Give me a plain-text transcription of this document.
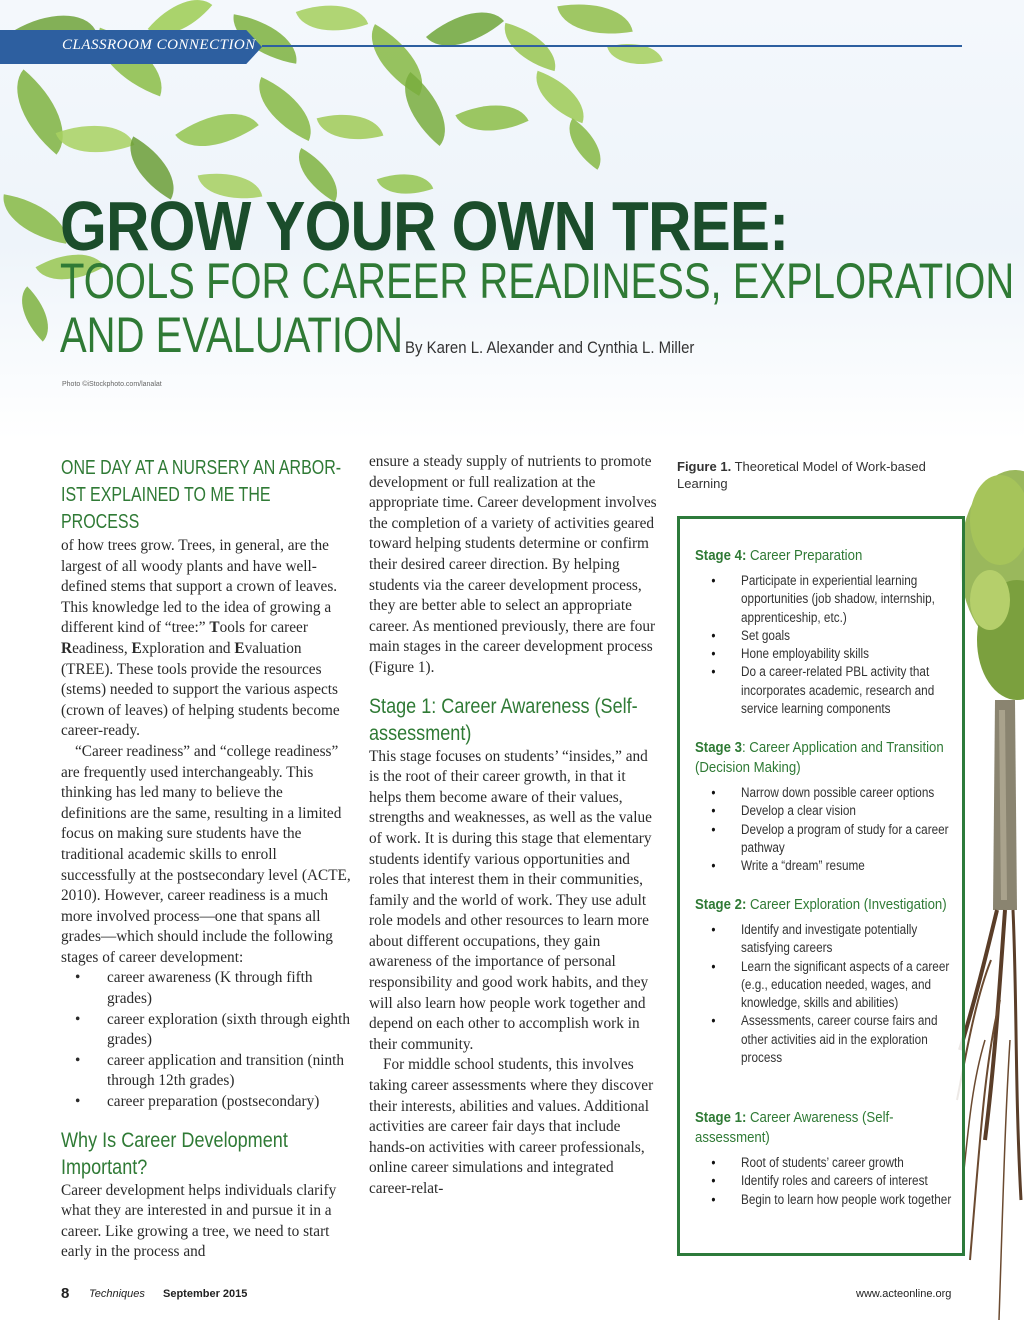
CLASSROOM CONNECTION
GROW YOUR OWN TREE:
TOOLS FOR CAREER READINESS, EXPLORATION
AND EVALUATION By Karen L. Alexander and Cynthia L. Miller
Photo ©iStockphoto.com/lanalat
ONE DAY AT A NURSERY AN ARBOR-IST EXPLAINED TO ME THE PROCESS

of how trees grow. Trees, in general, are the largest of all woody plants and have well-defined stems that support a crown of leaves. This knowledge led to the idea of growing a different kind of “tree:” Tools for career Readiness, Exploration and Evaluation (TREE). These tools provide the resources (stems) needed to support the various aspects (crown of leaves) of helping students become career-ready.

“Career readiness” and “college readiness” are frequently used interchangeably. This thinking has led many to believe the definitions are the same, resulting in a limited focus on making sure students have the traditional academic skills to enroll successfully at the postsecondary level (ACTE, 2010). However, career readiness is a much more involved process—one that spans all grades—which should include the following stages of career development:

• career awareness (K through fifth grades)
• career exploration (sixth through eighth grades)
• career application and transition (ninth through 12th grades)
• career preparation (postsecondary)
Why Is Career Development Important?

Career development helps individuals clarify what they are interested in and pursue it in a career. Like growing a tree, we need to start early in the process and

ensure a steady supply of nutrients to promote development or full realization at the appropriate time. Career development involves the completion of a variety of activities geared toward helping students determine or confirm their desired career direction. By helping students via the career development process, they are better able to select an appropriate career. As mentioned previously, there are four main stages in the career development process (Figure 1).

Stage 1: Career Awareness (Self-assessment)

This stage focuses on students’ “insides,” and is the root of their career growth, in that it helps them become aware of their values, strengths and weaknesses, as well as the value of work. It is during this stage that elementary students identify various opportunities and roles that interest them in their communities, family and the world of work. They use adult role models and other resources to learn more about different occupations, they gain awareness of the importance of personal responsibility and good work habits, and they will also learn how people work together and depend on each other to accomplish work in their community.

For middle school students, this involves taking career assessments where they discover their interests, abilities and values. Additional activities are career fair days that include hands-on activities with career professionals, online career simulations and integrated career-relat-

Figure 1. Theoretical Model of Work-based Learning
Stage 4: Career Preparation
• Participate in experiential learning opportunities (job shadow, internship, apprenticeship, etc.)
• Set goals
• Hone employability skills
• Do a career-related PBL activity that incorporates academic, research and service learning components
Stage 3: Career Application and Transition (Decision Making)
• Narrow down possible career options
• Develop a clear vision
• Develop a program of study for a career pathway
• Write a “dream” resume
Stage 2: Career Exploration (Investigation)
• Identify and investigate potentially satisfying careers
• Learn the significant aspects of a career (e.g., education needed, wages, and knowledge, skills and abilities)
• Assessments, career course fairs and other activities aid in the exploration process
Stage 1: Career Awareness (Self-assessment)
• Root of students’ career growth
• Identify roles and careers of interest
• Begin to learn how people work together
8 Techniques September 2015	www.acteonline.org
